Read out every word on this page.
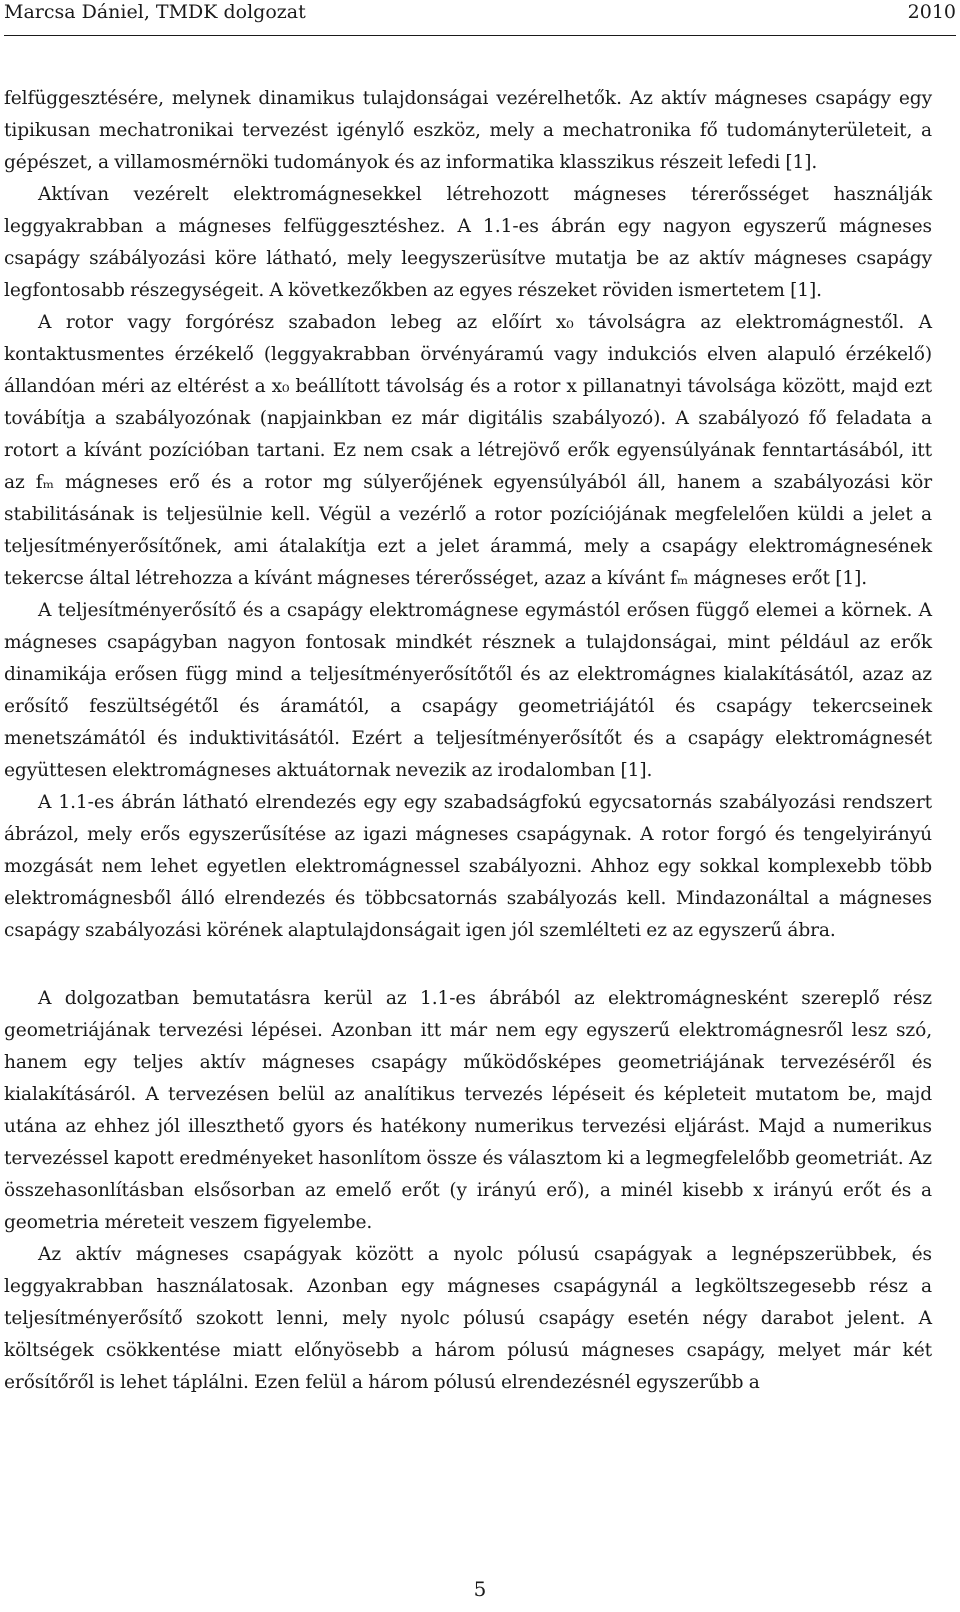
Marcsa Dániel, TMDK dolgozat	2010

felfüggesztésére, melynek dinamikus tulajdonságai vezérelhetők. Az aktív mágneses csapágy egy tipikusan mechatronikai tervezést igénylő eszköz, mely a mechatronika fő tudományterületeit, a gépészet, a villamosmérnöki tudományok és az informatika klasszikus részeit lefedi [1].

Aktívan vezérelt elektromágnesekkel létrehozott mágneses térerősséget használják leggyakrabban a mágneses felfüggesztéshez. A 1.1-es ábrán egy nagyon egyszerű mágneses csapágy szábályozási köre látható, mely leegyszerüsítve mutatja be az aktív mágneses csapágy legfontosabb részegységeit. A következőkben az egyes részeket röviden ismertetem [1].

A rotor vagy forgórész szabadon lebeg az előírt x₀ távolságra az elektromágnestől. A kontaktusmentes érzékelő (leggyakrabban örvényáramú vagy indukciós elven alapuló érzékelő) állandóan méri az eltérést a x₀ beállított távolság és a rotor x pillanatnyi távolsága között, majd ezt továbítja a szabályozónak (napjainkban ez már digitális szabályozó). A szabályozó fő feladata a rotort a kívánt pozícióban tartani. Ez nem csak a létrejövő erők egyensúlyának fenntartásából, itt az fₘ mágneses erő és a rotor mg súlyerőjének egyensúlyából áll, hanem a szabályozási kör stabilitásának is teljesülnie kell. Végül a vezérlő a rotor pozíciójának megfelelően küldi a jelet a teljesítményerősítőnek, ami átalakítja ezt a jelet árammá, mely a csapágy elektromágnesének tekercse által létrehozza a kívánt mágneses térerősséget, azaz a kívánt fₘ mágneses erőt [1].

A teljesítményerősítő és a csapágy elektromágnese egymástól erősen függő elemei a körnek. A mágneses csapágyban nagyon fontosak mindkét résznek a tulajdonságai, mint például az erők dinamikája erősen függ mind a teljesítményerősítőtől és az elektromágnes kialakításától, azaz az erősítő feszültségétől és áramától, a csapágy geometriájától és csapágy tekercseinek menetszámától és induktivitásától. Ezért a teljesítményerősítőt és a csapágy elektromágnesét együttesen elektromágneses aktuátornak nevezik az irodalomban [1].

A 1.1-es ábrán látható elrendezés egy egy szabadságfokú egycsatornás szabályozási rendszert ábrázol, mely erős egyszerűsítése az igazi mágneses csapágynak. A rotor forgó és tengelyirányú mozgását nem lehet egyetlen elektromágnessel szabályozni. Ahhoz egy sokkal komplexebb több elektromágnesből álló elrendezés és többcsatornás szabályozás kell. Mindazonáltal a mágneses csapágy szabályozási körének alaptulajdonságait igen jól szemlélteti ez az egyszerű ábra.

A dolgozatban bemutatásra kerül az 1.1-es ábrából az elektromágnesként szereplő rész geometriájának tervezési lépései. Azonban itt már nem egy egyszerű elektromágnesről lesz szó, hanem egy teljes aktív mágneses csapágy működősképes geometriájának tervezéséről és kialakításáról. A tervezésen belül az analítikus tervezés lépéseit és képleteit mutatom be, majd utána az ehhez jól illeszthető gyors és hatékony numerikus tervezési eljárást. Majd a numerikus tervezéssel kapott eredményeket hasonlítom össze és választom ki a legmegfelelőbb geometriát. Az összehasonlításban elsősorban az emelő erőt (y irányú erő), a minél kisebb x irányú erőt és a geometria méreteit veszem figyelembe.

Az aktív mágneses csapágyak között a nyolc pólusú csapágyak a legnépszerübbek, és leggyakrabban használatosak. Azonban egy mágneses csapágynál a legköltszegesebb rész a teljesítményerősítő szokott lenni, mely nyolc pólusú csapágy esetén négy darabot jelent. A költségek csökkentése miatt előnyösebb a három pólusú mágneses csapágy, melyet már két erősítőről is lehet táplálni. Ezen felül a három pólusú elrendezésnél egyszerűbb a

5
